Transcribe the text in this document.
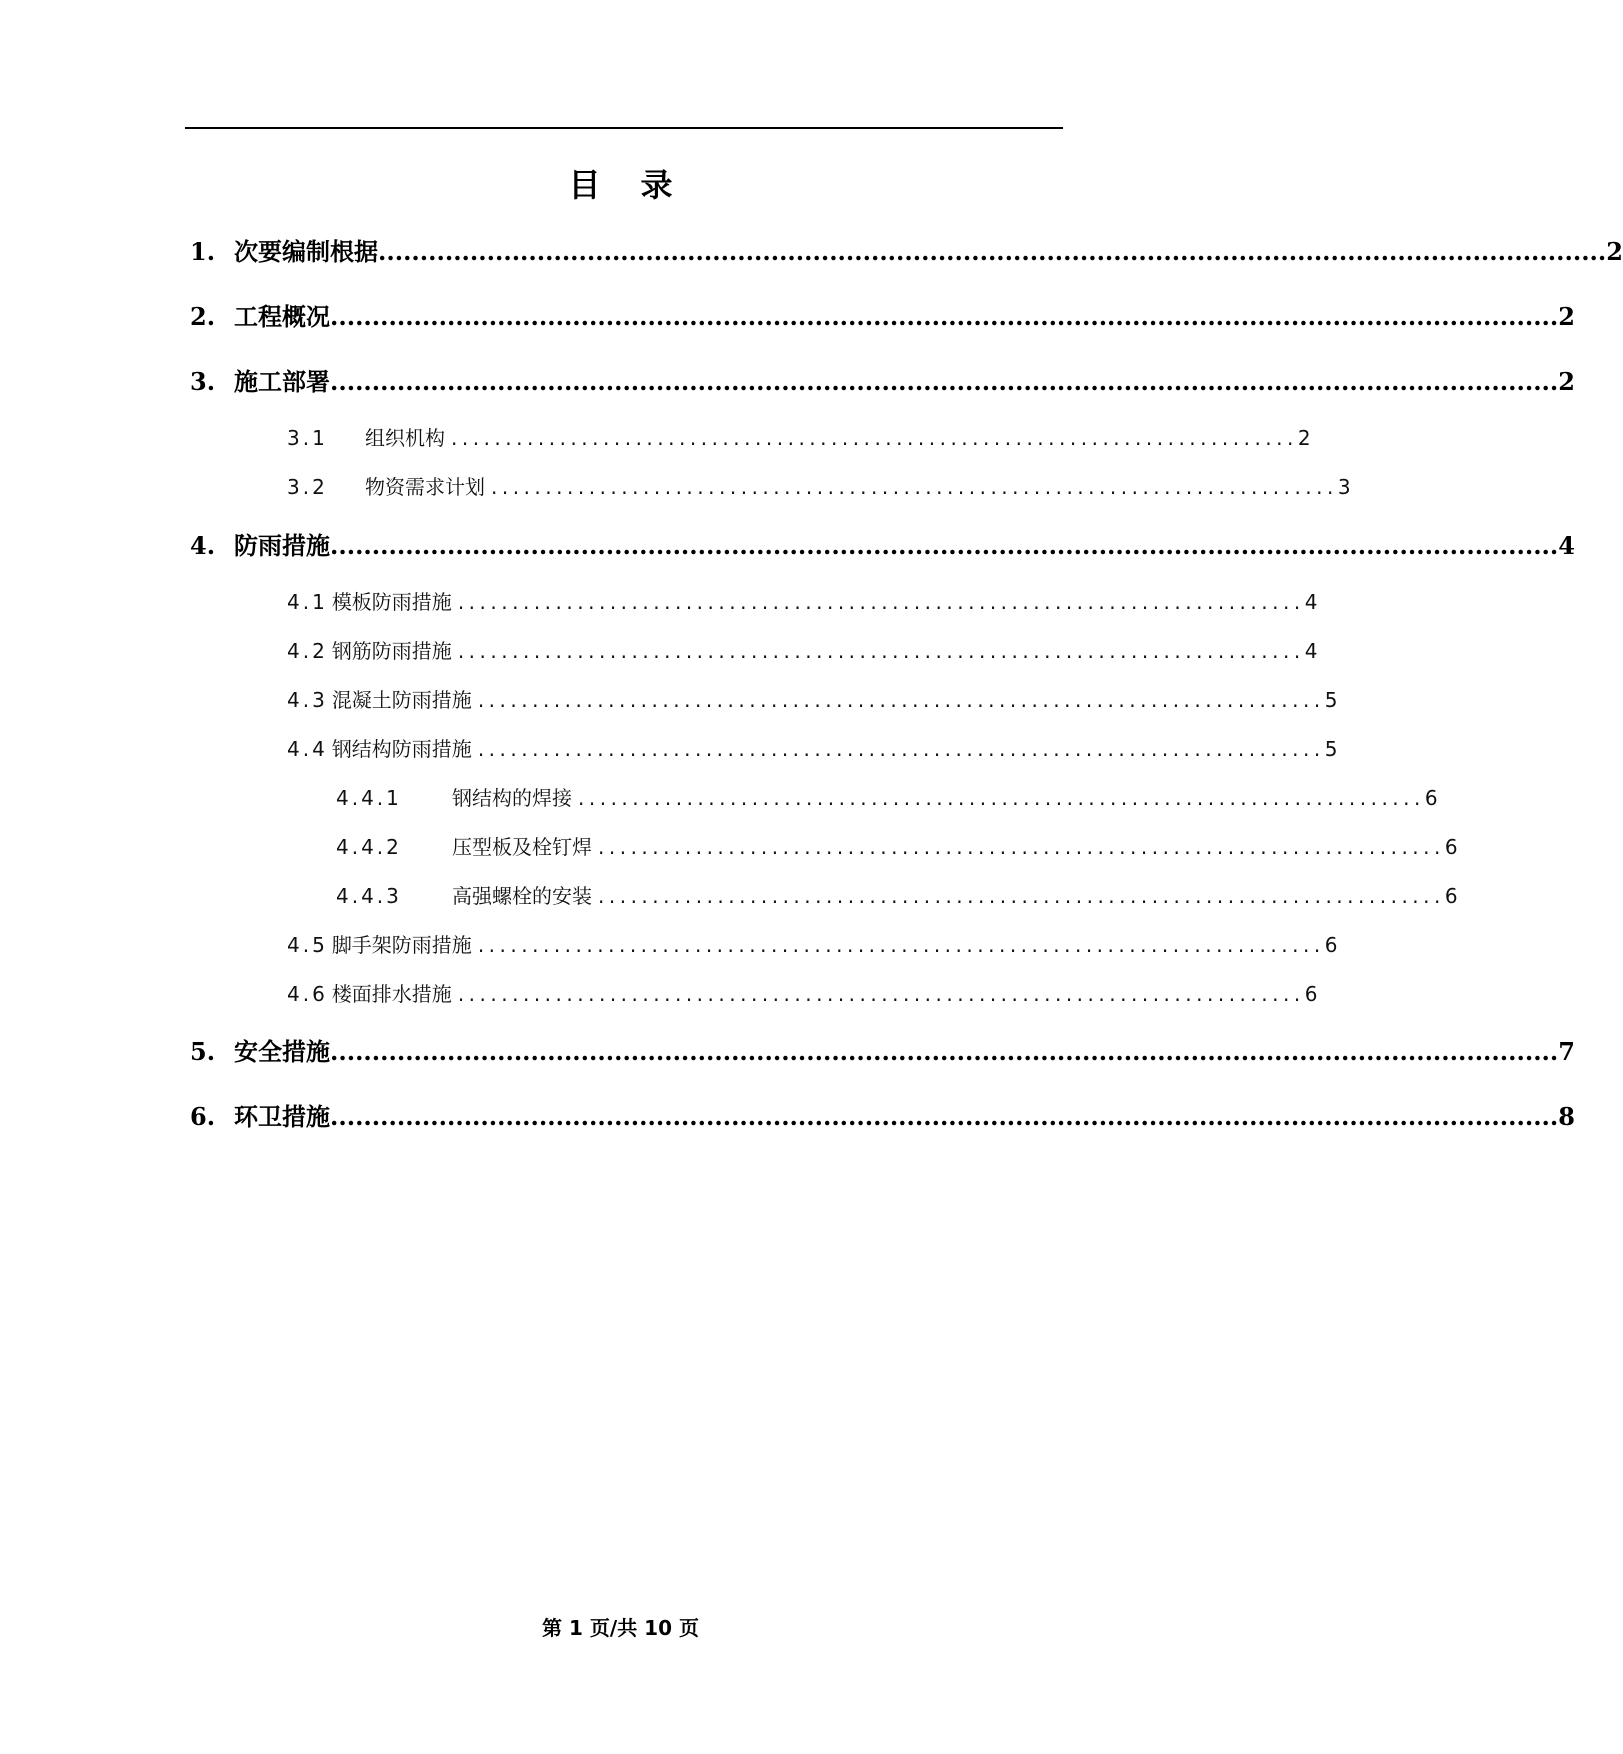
目录
1. 次要编制根据 ................................................................................................................................................... 2
2. 工程概况 ................................................................................................................................................... 2
3. 施工部署 ................................................................................................................................................... 2
3.1	组织机构 .............................................................................. 2
3.2	物资需求计划 .............................................................................. 3
4. 防雨措施 ................................................................................................................................................... 4
4.1 模板防雨措施 .............................................................................. 4
4.2 钢筋防雨措施 .............................................................................. 4
4.3 混凝土防雨措施 .............................................................................. 5
4.4 钢结构防雨措施 .............................................................................. 5
4.4.1	钢结构的焊接 .............................................................................. 6
4.4.2	压型板及栓钉焊 .............................................................................. 6
4.4.3	高强螺栓的安装 .............................................................................. 6
4.5 脚手架防雨措施 .............................................................................. 6
4.6 楼面排水措施 .............................................................................. 6
5. 安全措施 ................................................................................................................................................... 7
6. 环卫措施 ................................................................................................................................................... 8
第 1 页/共 10 页
